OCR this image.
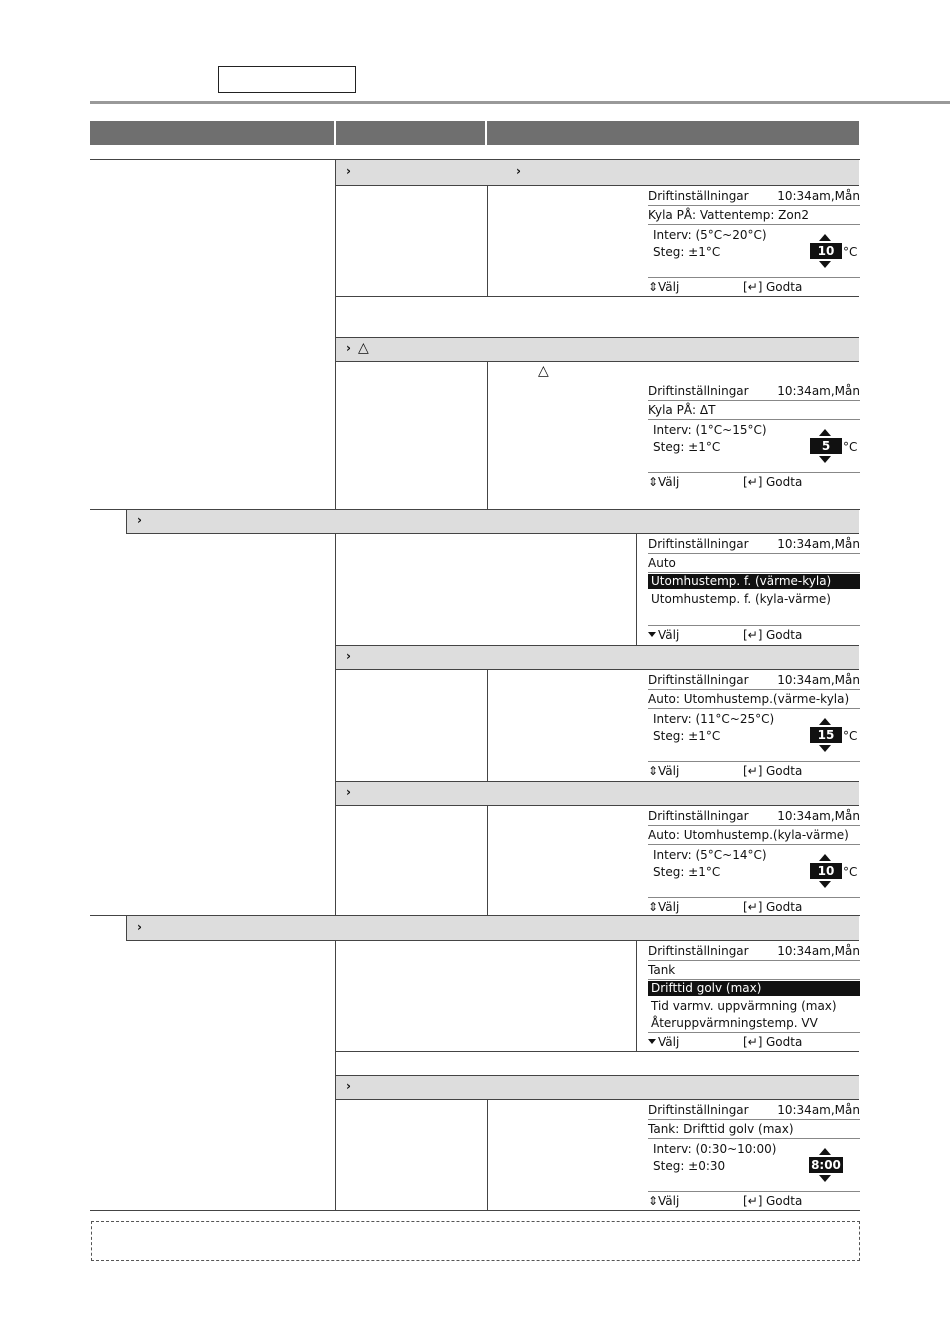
›	›
› △
△
›
›
›
›
›
Driftinställningar 10:34am,Mån
Kyla PÅ: Vattentemp: Zon2
Interv: (5°C~20°C)
Steg: ±1°C	10 °C
⇕ Välj	[↵] Godta
Driftinställningar 10:34am,Mån
Kyla PÅ: ΔT
Interv: (1°C~15°C)
Steg: ±1°C	5	°C
⇕ Välj	[↵] Godta
Driftinställningar 10:34am,Mån
Auto
Utomhustemp. f. (värme-kyla)
Utomhustemp. f. (kyla-värme)
Välj	[↵] Godta
Driftinställningar 10:34am,Mån
Auto: Utomhustemp.(värme-kyla)
Interv: (11°C~25°C)
Steg: ±1°C	15 °C
⇕ Välj	[↵] Godta
Driftinställningar 10:34am,Mån
Auto: Utomhustemp.(kyla-värme)
Interv: (5°C~14°C)
Steg: ±1°C	10 °C
⇕ Välj	[↵] Godta
Driftinställningar 10:34am,Mån
Tank
Drifttid golv (max)
Tid varmv. uppvärmning (max)
Återuppvärmningstemp. VV
Välj	[↵] Godta
Driftinställningar 10:34am,Mån
Tank: Drifttid golv (max)
Interv: (0:30~10:00)
Steg: ±0:30	8:00
⇕ Välj	[↵] Godta
